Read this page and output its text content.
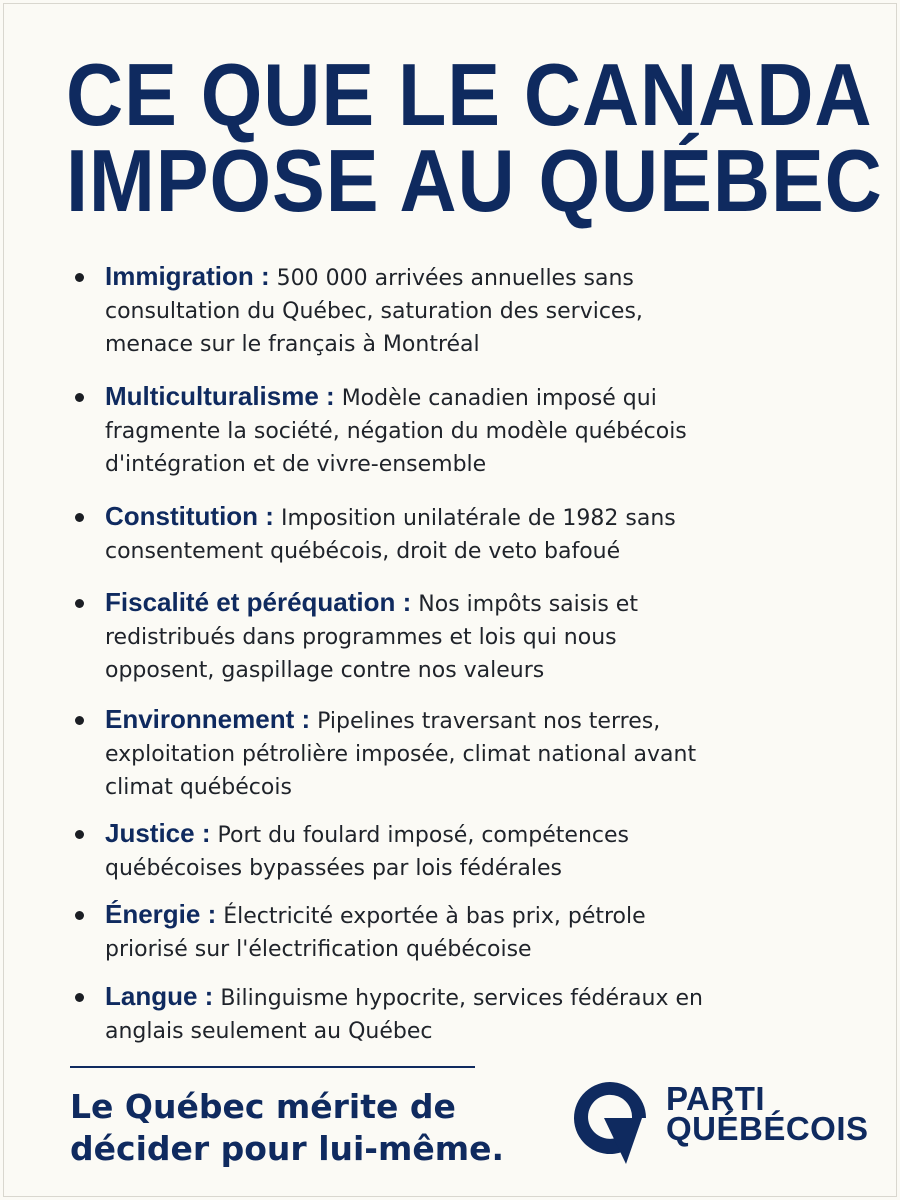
CE QUE LE CANADA
IMPOSE AU QUÉBEC
Immigration : 500 000 arrivées annuelles sans consultation du Québec, saturation des services, menace sur le français à Montréal
Multiculturalisme : Modèle canadien imposé qui fragmente la société, négation du modèle québécois d'intégration et de vivre-ensemble
Constitution : Imposition unilatérale de 1982 sans consentement québécois, droit de veto bafoué
Fiscalité et péréquation : Nos impôts saisis et redistribués dans programmes et lois qui nous opposent, gaspillage contre nos valeurs
Environnement : Pipelines traversant nos terres, exploitation pétrolière imposée, climat national avant climat québécois
Justice : Port du foulard imposé, compétences québécoises bypassées par lois fédérales
Énergie : Électricité exportée à bas prix, pétrole priorisé sur l'électrification québécoise
Langue : Bilinguisme hypocrite, services fédéraux en anglais seulement au Québec
Le Québec mérite de
décider pour lui-même.
PARTI
QUÉBÉCOIS
